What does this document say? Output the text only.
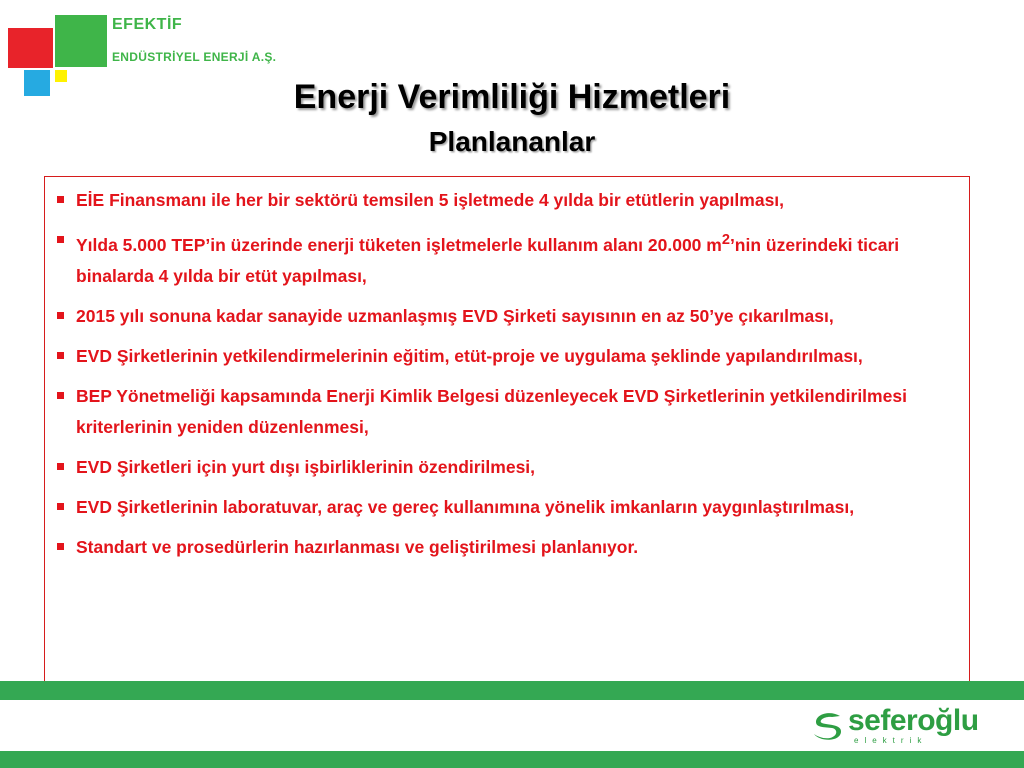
EFEKTİF
ENDÜSTRİYEL ENERJİ A.Ş.
Enerji Verimliliği Hizmetleri
Planlananlar
EİE Finansmanı ile her bir sektörü temsilen 5 işletmede 4 yılda bir etütlerin yapılması,
Yılda 5.000 TEP’in üzerinde enerji tüketen işletmelerle kullanım alanı 20.000 $m^2’nin$ üzerindeki ticari binalarda 4 yılda bir etüt yapılması,
2015 yılı sonuna kadar sanayide uzmanlaşmış EVD Şirketi sayısının en az 50’ye çıkarılması,
EVD Şirketlerinin yetkilendirmelerinin eğitim, etüt-proje ve uygulama şeklinde yapılandırılması,
BEP Yönetmeliği kapsamında Enerji Kimlik Belgesi düzenleyecek EVD Şirketlerinin yetkilendirilmesi kriterlerinin yeniden düzenlenmesi,
EVD Şirketleri için yurt dışı işbirliklerinin özendirilmesi,
EVD Şirketlerinin laboratuvar, araç ve gereç kullanımına yönelik imkanların yaygınlaştırılması,
Standart ve prosedürlerin hazırlanması ve geliştirilmesi planlanıyor.
seferoğlu
elektrik
